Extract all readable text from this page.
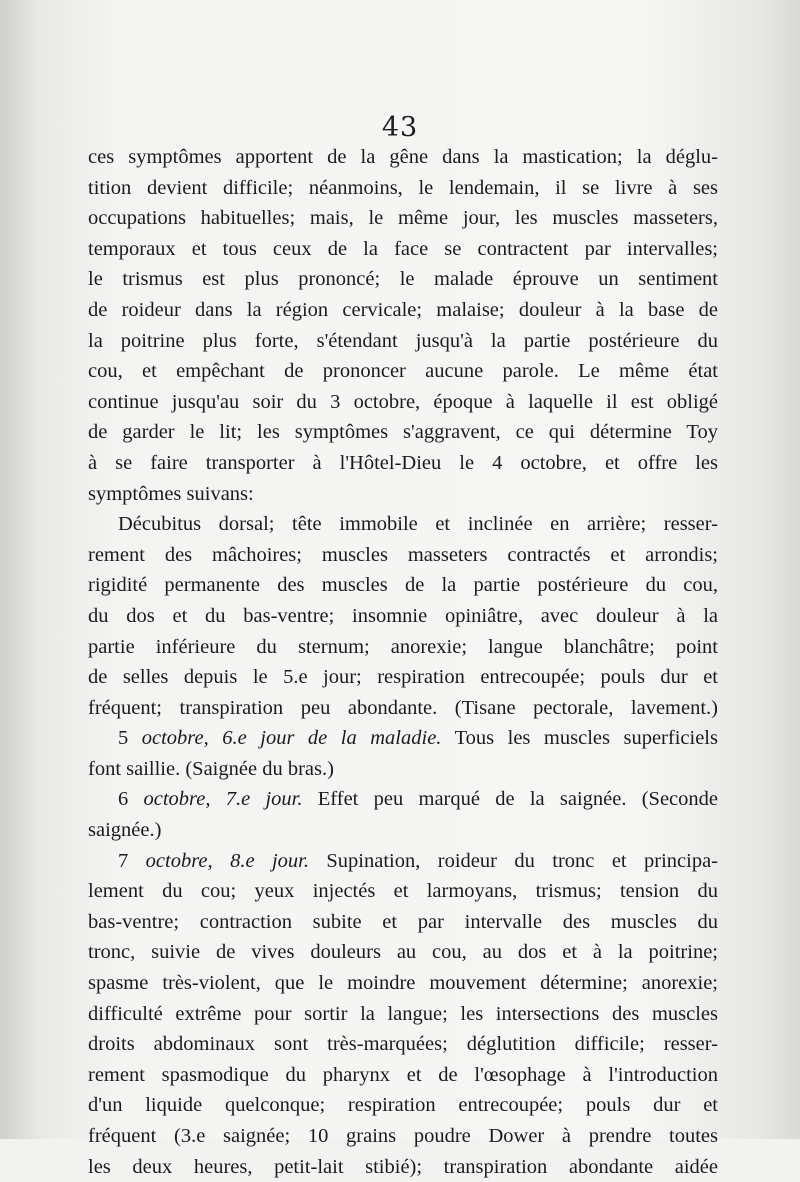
43
ces symptômes apportent de la gêne dans la mastication; la déglu-
tition devient difficile; néanmoins, le lendemain, il se livre à ses
occupations habituelles; mais, le même jour, les muscles masseters,
temporaux et tous ceux de la face se contractent par intervalles;
le trismus est plus prononcé; le malade éprouve un sentiment
de roideur dans la région cervicale; malaise; douleur à la base de
la poitrine plus forte, s'étendant jusqu'à la partie postérieure du
cou, et empêchant de prononcer aucune parole. Le même état
continue jusqu'au soir du 3 octobre, époque à laquelle il est obligé
de garder le lit; les symptômes s'aggravent, ce qui détermine Toy
à se faire transporter à l'Hôtel-Dieu le 4 octobre, et offre les
symptômes suivans:
Décubitus dorsal; tête immobile et inclinée en arrière; resser-
rement des mâchoires; muscles masseters contractés et arrondis;
rigidité permanente des muscles de la partie postérieure du cou,
du dos et du bas-ventre; insomnie opiniâtre, avec douleur à la
partie inférieure du sternum; anorexie; langue blanchâtre; point
de selles depuis le 5.e jour; respiration entrecoupée; pouls dur et
fréquent; transpiration peu abondante. (Tisane pectorale, lavement.)
5 octobre, 6.e jour de la maladie. Tous les muscles superficiels
font saillie. (Saignée du bras.)
6 octobre, 7.e jour. Effet peu marqué de la saignée. (Seconde
saignée.)
7 octobre, 8.e jour. Supination, roideur du tronc et principa-
lement du cou; yeux injectés et larmoyans, trismus; tension du
bas-ventre; contraction subite et par intervalle des muscles du
tronc, suivie de vives douleurs au cou, au dos et à la poitrine;
spasme très-violent, que le moindre mouvement détermine; anorexie;
difficulté extrême pour sortir la langue; les intersections des muscles
droits abdominaux sont très-marquées; déglutition difficile; resser-
rement spasmodique du pharynx et de l'œsophage à l'introduction
d'un liquide quelconque; respiration entrecoupée; pouls dur et
fréquent (3.e saignée; 10 grains poudre Dower à prendre toutes
les deux heures, petit-lait stibié); transpiration abondante aidée
